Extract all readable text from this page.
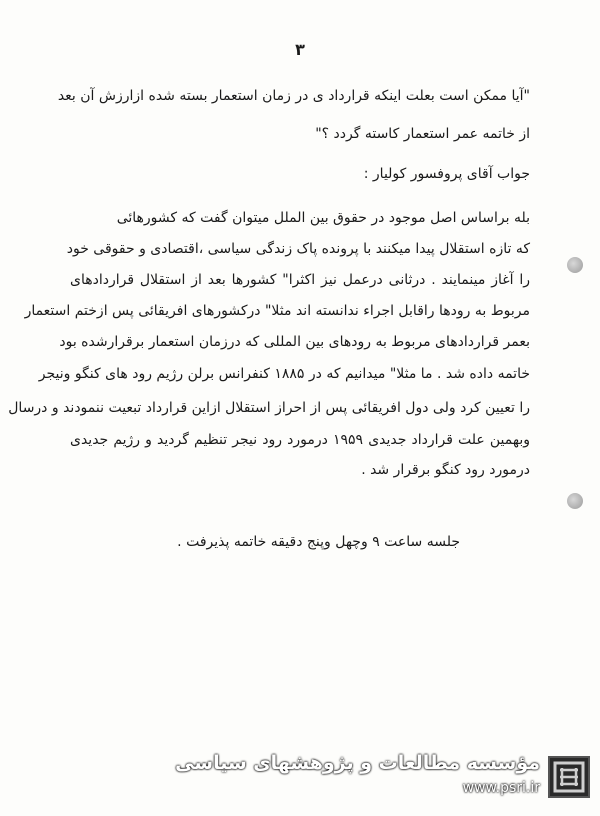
۳
"آیا ممکن است بعلت اینکه قرارداد ی در زمان استعمار بسته شده ازارزش آن بعد
از خاتمه عمر استعمار کاسته گردد ؟"
جواب آقای پروفسور کولیار :
بله براساس اصل موجود در حقوق بین الملل میتوان گفت که کشورهائی
که تازه استقلال پیدا میکنند با پرونده پاک زندگی سیاسی ،اقتصادی و حقوقی خود
را آغاز مینمایند . درثانی درعمل نیز اکثرا" کشورها بعد از استقلال قراردادهای
مربوط به رودها راقابل اجراء ندانسته اند مثلا" درکشورهای افریقائی پس ازختم استعمار
بعمر قراردادهای مربوط به رودهای بین المللی که درزمان استعمار برقرارشده بود
خاتمه داده شد . ما مثلا" میدانیم که در ۱۸۸۵ کنفرانس برلن رژیم رود های کنگو ونیجر
را تعیین کرد ولی دول افریقائی پس از احراز استقلال ازاین قرارداد تبعیت ننمودند و درسال
وبهمین علت قرارداد جدیدی ۱۹۵۹ درمورد رود نیجر تنظیم گردید و رژیم جدیدی
درمورد رود کنگو برقرار شد .
جلسه ساعت ۹ وچهل وپنج دقیقه خاتمه پذیرفت .
مؤسسه مطالعات و پژوهشهای سیاسی
www.psri.ir
